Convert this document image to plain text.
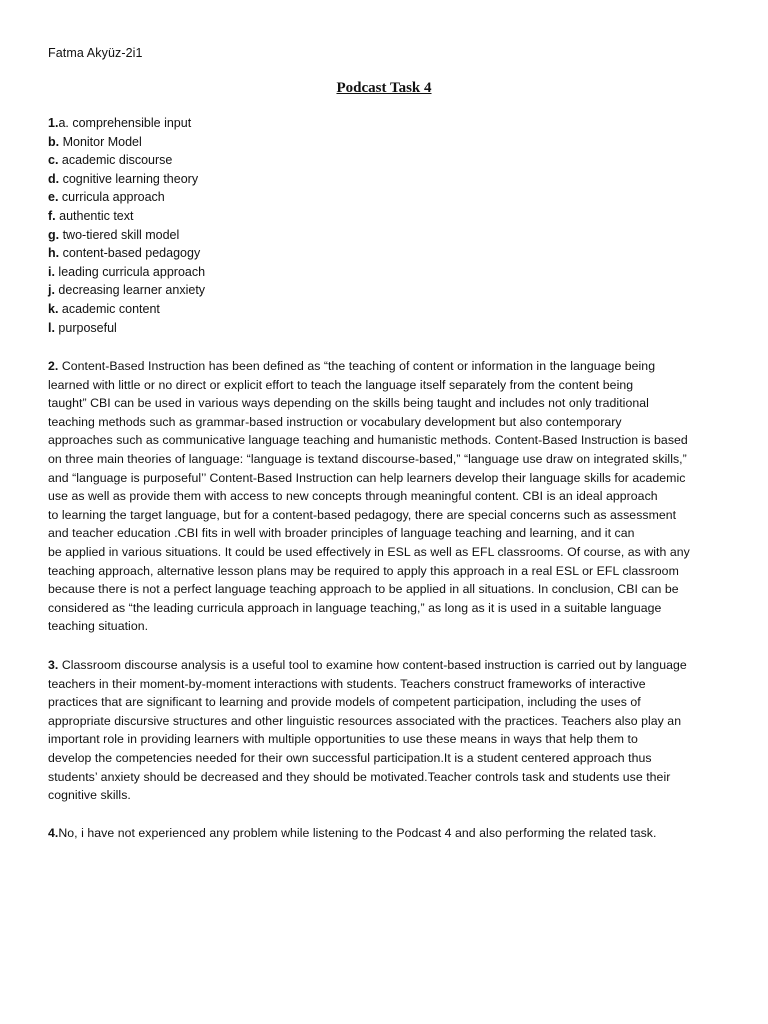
Fatma Akyüz-2i1
Podcast Task 4
1.a. comprehensible input
b. Monitor Model
c. academic discourse
d. cognitive learning theory
e. curricula approach
f. authentic text
g. two-tiered skill model
h. content-based pedagogy
i. leading curricula approach
j. decreasing learner anxiety
k. academic content
l. purposeful

2. Content-Based Instruction has been defined as “the teaching of content or information in the language being
learned with little or no direct or explicit effort to teach the language itself separately from the content being
taught” CBI can be used in various ways depending on the skills being taught and includes not only traditional
teaching methods such as grammar-based instruction or vocabulary development but also contemporary
approaches such as communicative language teaching and humanistic methods. Content-Based Instruction is based
on three main theories of language: “language is textand discourse-based,” “language use draw on integrated skills,”
and “language is purposeful’’ Content-Based Instruction can help learners develop their language skills for academic
use as well as provide them with access to new concepts through meaningful content. CBI is an ideal approach
to learning the target language, but for a content-based pedagogy, there are special concerns such as assessment
and teacher education .CBI fits in well with broader principles of language teaching and learning, and it can
be applied in various situations. It could be used effectively in ESL as well as EFL classrooms. Of course, as with any
teaching approach, alternative lesson plans may be required to apply this approach in a real ESL or EFL classroom
because there is not a perfect language teaching approach to be applied in all situations. In conclusion, CBI can be
considered as “the leading curricula approach in language teaching,” as long as it is used in a suitable language
teaching situation.

3. Classroom discourse analysis is a useful tool to examine how content-based instruction is carried out by language
teachers in their moment-by-moment interactions with students. Teachers construct frameworks of interactive
practices that are significant to learning and provide models of competent participation, including the uses of
appropriate discursive structures and other linguistic resources associated with the practices. Teachers also play an
important role in providing learners with multiple opportunities to use these means in ways that help them to
develop the competencies needed for their own successful participation.It is a student centered approach thus
students’ anxiety should be decreased and they should be motivated.Teacher controls task and students use their
cognitive skills.

4.No, i have not experienced any problem while listening to the Podcast 4 and also performing the related task.
